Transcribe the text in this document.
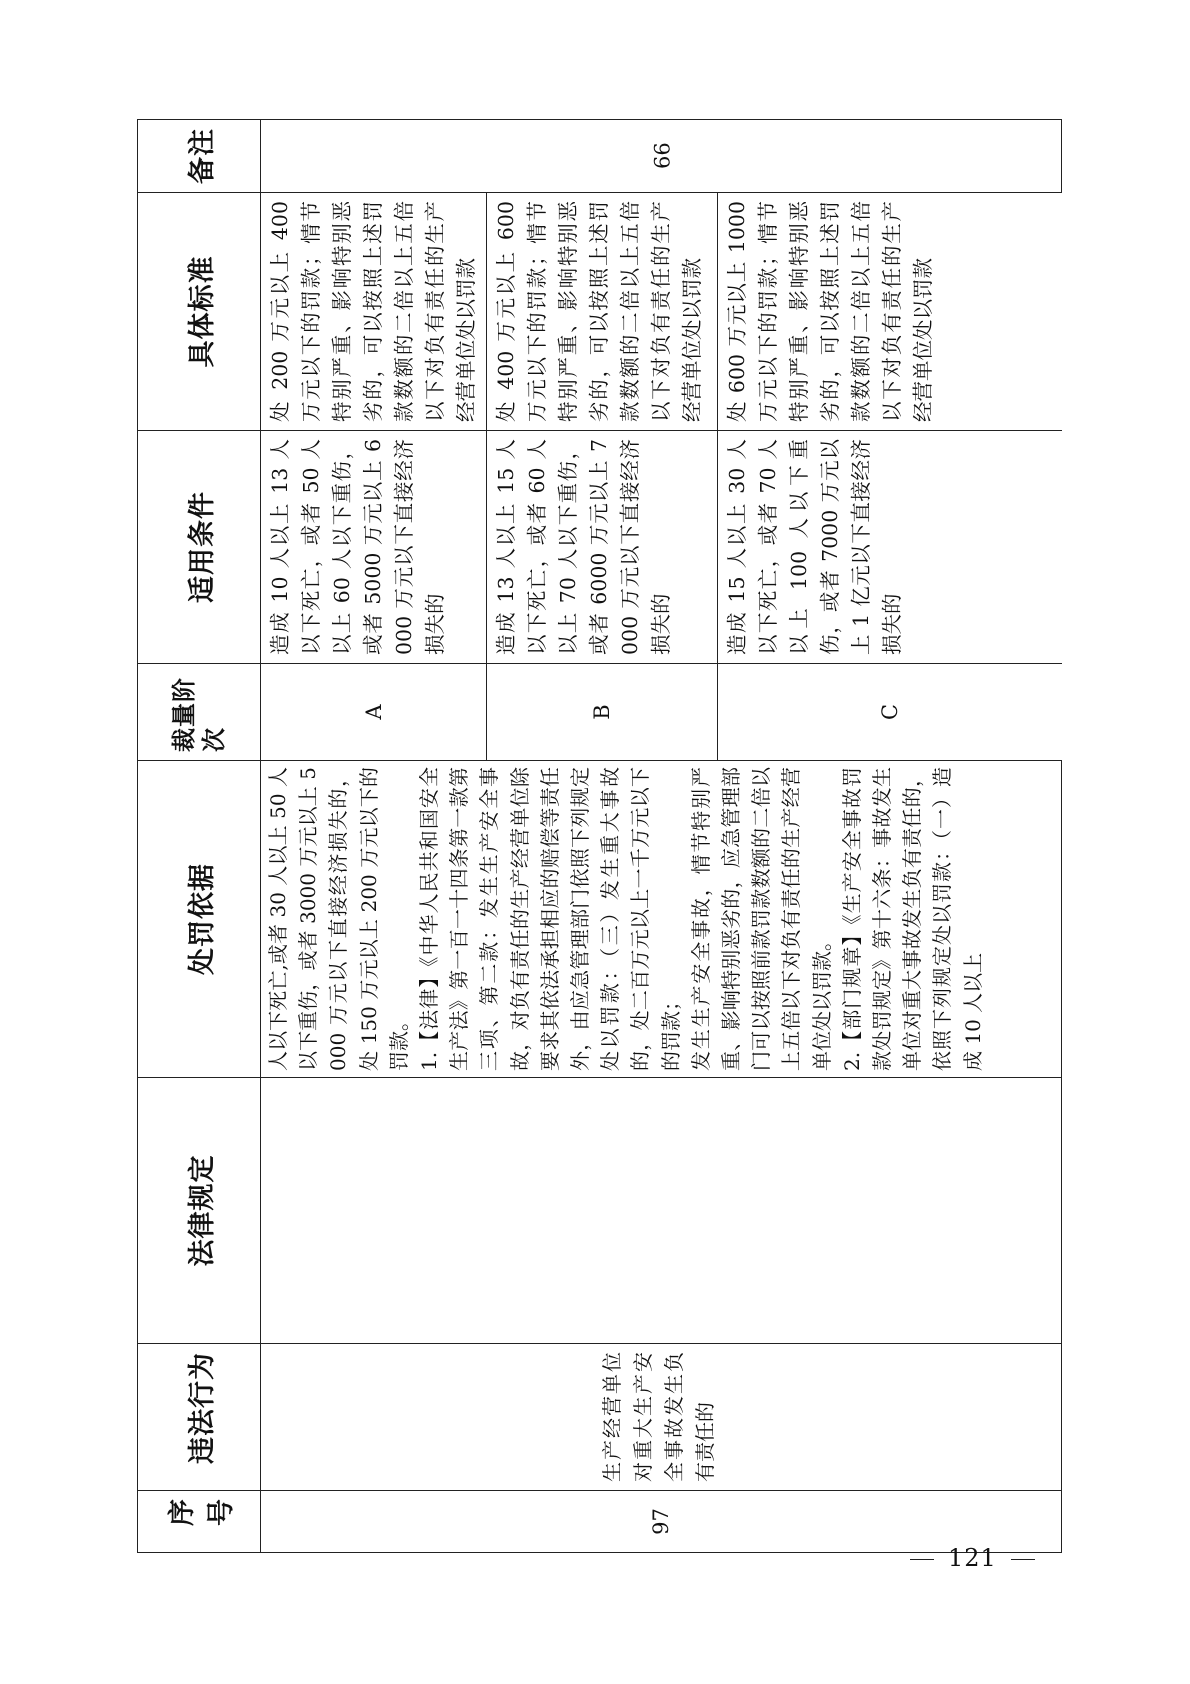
序号	违法行为	法律规定	处罚依据	裁量阶次	适用条件	具体标准	备注
97	生产经营单位对重大生产安全事故发生负有责任的		人以下死亡,或者 30 人以上 50 人以下重伤，或者 3000 万元以上 5000 万元以下直接经济损失的，处 150 万元以上 200 万元以下的罚款。
1.【法律】《中华人民共和国安全生产法》第一百一十四条第一款第三项、第二款：发生生产安全事故，对负有责任的生产经营单位除要求其依法承担相应的赔偿等责任外，由应急管理部门依照下列规定处以罚款：（三）发生重大事故的，处二百万元以上一千万元以下的罚款；
发生生产安全事故，情节特别严重、影响特别恶劣的，应急管理部门可以按照前款罚款数额的二倍以上五倍以下对负有责任的生产经营单位处以罚款。
2.【部门规章】《生产安全事故罚款处罚规定》第十六条：事故发生单位对重大事故发生负有责任的，依照下列规定处以罚款：（一）造成 10 人以上	A	造成 10 人以上 13 人以下死亡，或者 50 人以上 60 人以下重伤，或者 5000 万元以上 6000 万元以下直接经济损失的	处 200 万元以上 400 万元以下的罚款；情节特别严重、影响特别恶劣的，可以按照上述罚款数额的二倍以上五倍以下对负有责任的生产经营单位处以罚款	99
				B	造成 13 人以上 15 人以下死亡，或者 60 人以上 70 人以下重伤，或者 6000 万元以上 7000 万元以下直接经济损失的	处 400 万元以上 600 万元以下的罚款；情节特别严重、影响特别恶劣的，可以按照上述罚款数额的二倍以上五倍以下对负有责任的生产经营单位处以罚款	

				C	造成 15 人以上 30 人以下死亡，或者 70 人以上 100 人以下重伤，或者 7000 万元以上 1 亿元以下直接经济损失的	处 600 万元以上 1000 万元以下的罚款；情节特别严重、影响特别恶劣的，可以按照上述罚款数额的二倍以上五倍以下对负有责任的生产经营单位处以罚款	
121
